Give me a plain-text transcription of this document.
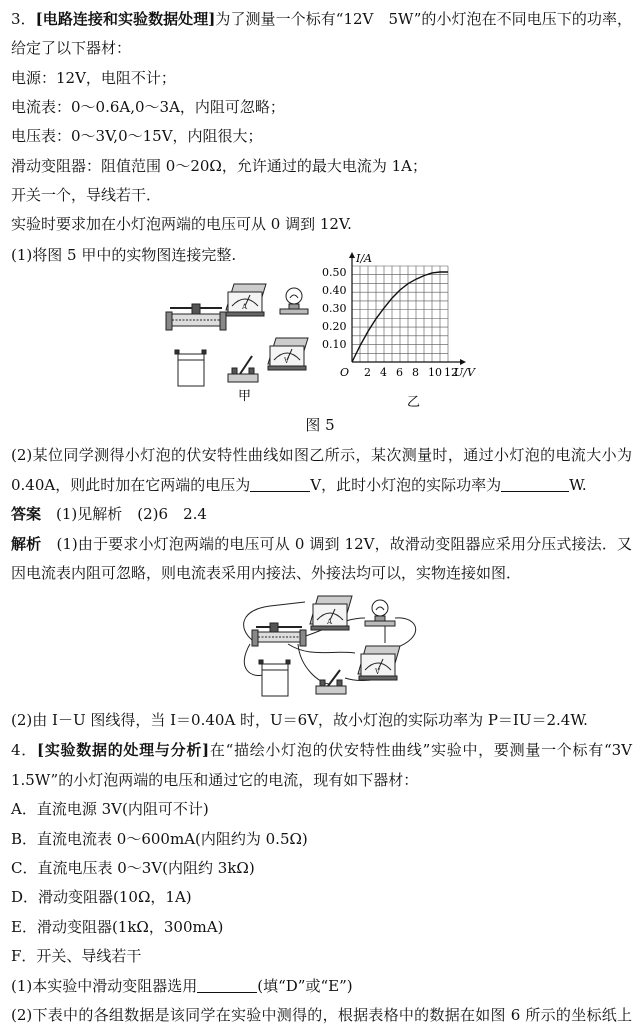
3．[电路连接和实验数据处理]为了测量一个标有“12V　5W”的小灯泡在不同电压下的功率，
给定了以下器材：
电源：12V，电阻不计；
电流表：0～0.6A,0～3A，内阻可忽略；
电压表：0～3V,0～15V，内阻很大；
滑动变阻器：阻值范围 0～20Ω，允许通过的最大电流为 1A；
开关一个，导线若干．
实验时要求加在小灯泡两端的电压可从 0 调到 12V.
(1)将图 5 甲中的实物图连接完整.
A
V
甲
2 4 6 8 10 12
0.10
0.20
0.30
0.40
0.50
O
I/A
U/V
乙
图 5
(2)某位同学测得小灯泡的伏安特性曲线如图乙所示，某次测量时，通过小灯泡的电流大小为
0.40A，则此时加在它两端的电压为	V，此时小灯泡的实际功率为	W.
答案　 (1)见解析　(2)6　2.4
解析　 (1)由于要求小灯泡两端的电压可从 0 调到 12V，故滑动变阻器应采用分压式接法．又
因电流表内阻可忽略，则电流表采用内接法、外接法均可以，实物连接如图．
A
V
(2)由 I－U 图线得，当 I＝0.40A 时，U＝6V，故小灯泡的实际功率为 P＝IU＝2.4W.
4．[实验数据的处理与分析]在“描绘小灯泡的伏安特性曲线”实验中，要测量一个标有“3V
1.5W”的小灯泡两端的电压和通过它的电流，现有如下器材：
A．直流电源 3V(内阻可不计)
B．直流电流表 0～600mA(内阻约为 0.5Ω)
C．直流电压表 0～3V(内阻约 3kΩ)
D．滑动变阻器(10Ω，1A)
E．滑动变阻器(1kΩ，300mA)
F．开关、导线若干
(1)本实验中滑动变阻器选用	(填“D”或“E”)
(2)下表中的各组数据是该同学在实验中测得的，根据表格中的数据在如图 6 所示的坐标纸上
